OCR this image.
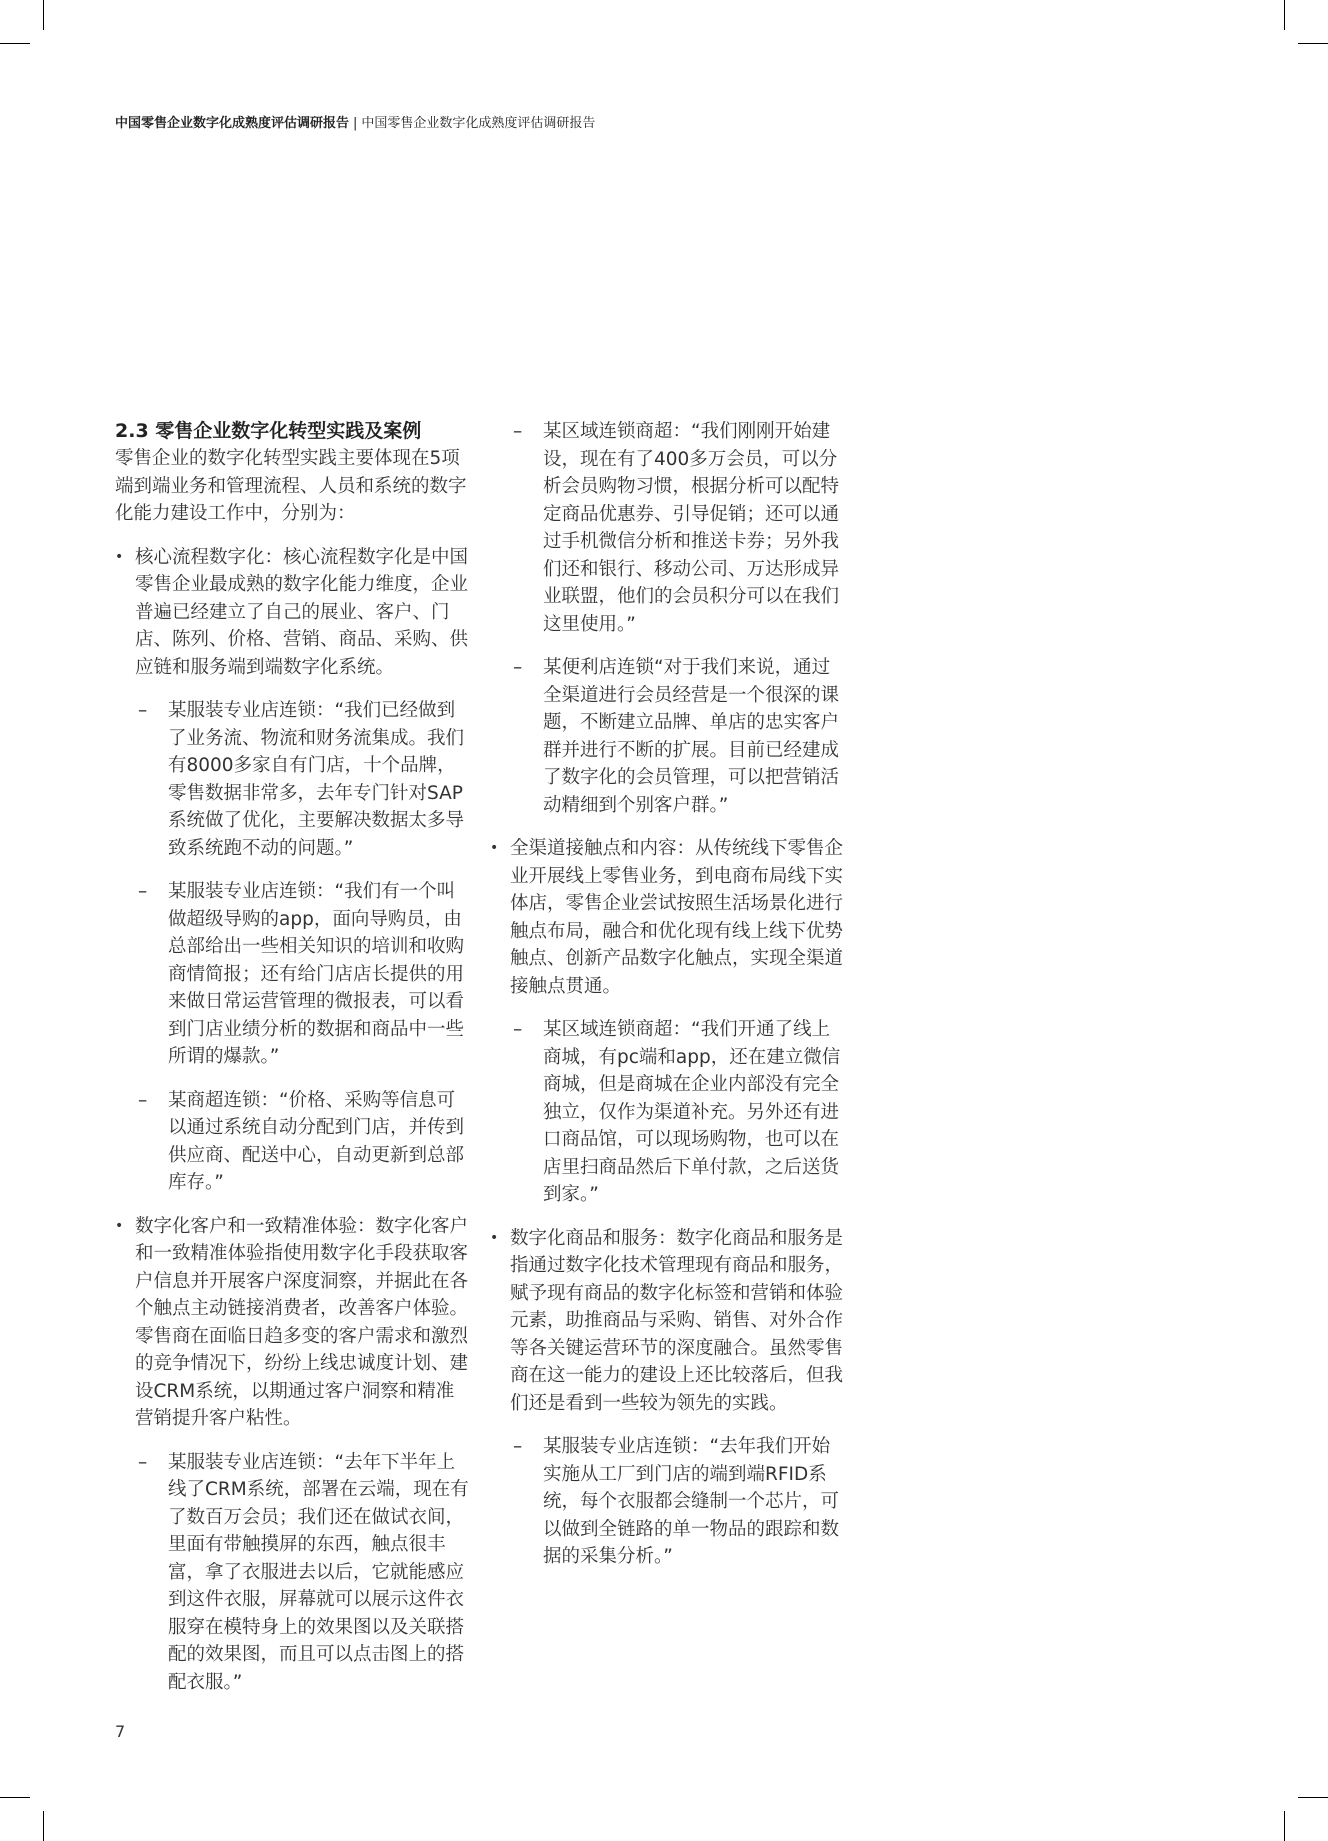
中国零售企业数字化成熟度评估调研报告 | 中国零售企业数字化成熟度评估调研报告
2.3 零售企业数字化转型实践及案例

零售企业的数字化转型实践主要体现在5项端到端业务和管理流程、人员和系统的数字化能力建设工作中，分别为：

• 核心流程数字化：核心流程数字化是中国零售企业最成熟的数字化能力维度，企业普遍已经建立了自己的展业、客户、门店、陈列、价格、营销、商品、采购、供应链和服务端到端数字化系统。

– 某服装专业店连锁：“我们已经做到了业务流、物流和财务流集成。我们有8000多家自有门店，十个品牌，零售数据非常多，去年专门针对SAP系统做了优化，主要解决数据太多导致系统跑不动的问题。”

– 某服装专业店连锁：“我们有一个叫做超级导购的app，面向导购员，由总部给出一些相关知识的培训和收购商情简报；还有给门店店长提供的用来做日常运营管理的微报表，可以看到门店业绩分析的数据和商品中一些所谓的爆款。”

– 某商超连锁：“价格、采购等信息可以通过系统自动分配到门店，并传到供应商、配送中心，自动更新到总部库存。”

• 数字化客户和一致精准体验：数字化客户和一致精准体验指使用数字化手段获取客户信息并开展客户深度洞察，并据此在各个触点主动链接消费者，改善客户体验。零售商在面临日趋多变的客户需求和激烈的竞争情况下，纷纷上线忠诚度计划、建设CRM系统，以期通过客户洞察和精准营销提升客户粘性。

– 某服装专业店连锁：“去年下半年上线了CRM系统，部署在云端，现在有了数百万会员；我们还在做试衣间，里面有带触摸屏的东西，触点很丰富，拿了衣服进去以后，它就能感应到这件衣服，屏幕就可以展示这件衣服穿在模特身上的效果图以及关联搭配的效果图，而且可以点击图上的搭配衣服。”

– 某区域连锁商超：“我们刚刚开始建设，现在有了400多万会员，可以分析会员购物习惯，根据分析可以配特定商品优惠券、引导促销；还可以通过手机微信分析和推送卡券；另外我们还和银行、移动公司、万达形成异业联盟，他们的会员积分可以在我们这里使用。”

– 某便利店连锁“对于我们来说，通过全渠道进行会员经营是一个很深的课题，不断建立品牌、单店的忠实客户群并进行不断的扩展。目前已经建成了数字化的会员管理，可以把营销活动精细到个别客户群。”

• 全渠道接触点和内容：从传统线下零售企业开展线上零售业务，到电商布局线下实体店，零售企业尝试按照生活场景化进行触点布局，融合和优化现有线上线下优势触点、创新产品数字化触点，实现全渠道接触点贯通。

– 某区域连锁商超：“我们开通了线上商城，有pc端和app，还在建立微信商城，但是商城在企业内部没有完全独立，仅作为渠道补充。另外还有进口商品馆，可以现场购物，也可以在店里扫商品然后下单付款，之后送货到家。”

• 数字化商品和服务：数字化商品和服务是指通过数字化技术管理现有商品和服务，赋予现有商品的数字化标签和营销和体验元素，助推商品与采购、销售、对外合作等各关键运营环节的深度融合。虽然零售商在这一能力的建设上还比较落后，但我们还是看到一些较为领先的实践。

– 某服装专业店连锁：“去年我们开始实施从工厂到门店的端到端RFID系统，每个衣服都会缝制一个芯片，可以做到全链路的单一物品的跟踪和数据的采集分析。”

7
